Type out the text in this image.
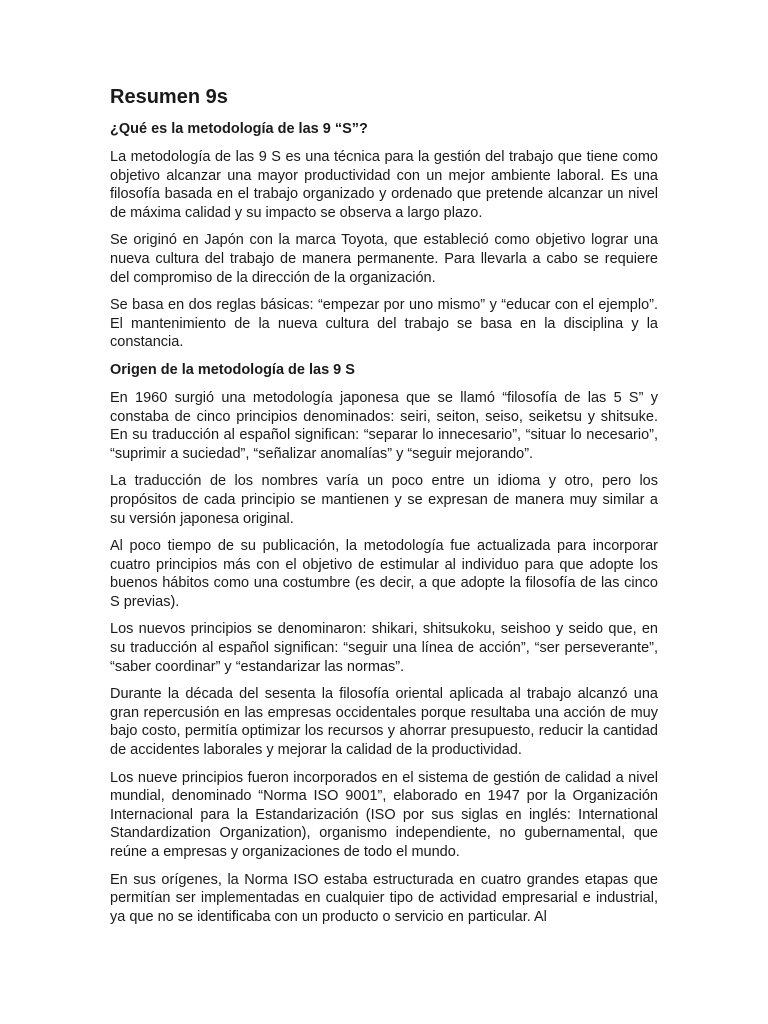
Resumen 9s
¿Qué es la metodología de las 9 “S”?

La metodología de las 9 S es una técnica para la gestión del trabajo que tiene como objetivo alcanzar una mayor productividad con un mejor ambiente laboral. Es una filosofía basada en el trabajo organizado y ordenado que pretende alcanzar un nivel de máxima calidad y su impacto se observa a largo plazo.

Se originó en Japón con la marca Toyota, que estableció como objetivo lograr una nueva cultura del trabajo de manera permanente. Para llevarla a cabo se requiere del compromiso de la dirección de la organización.

Se basa en dos reglas básicas: “empezar por uno mismo” y “educar con el ejemplo”. El mantenimiento de la nueva cultura del trabajo se basa en la disciplina y la constancia.

Origen de la metodología de las 9 S

En 1960 surgió una metodología japonesa que se llamó “filosofía de las 5 S” y constaba de cinco principios denominados: seiri, seiton, seiso, seiketsu y shitsuke. En su traducción al español significan: “separar lo innecesario”, “situar lo necesario”, “suprimir a suciedad”, “señalizar anomalías” y “seguir mejorando”.

La traducción de los nombres varía un poco entre un idioma y otro, pero los propósitos de cada principio se mantienen y se expresan de manera muy similar a su versión japonesa original.

Al poco tiempo de su publicación, la metodología fue actualizada para incorporar cuatro principios más con el objetivo de estimular al individuo para que adopte los buenos hábitos como una costumbre (es decir, a que adopte la filosofía de las cinco S previas).

Los nuevos principios se denominaron: shikari, shitsukoku, seishoo y seido que, en su traducción al español significan: “seguir una línea de acción”, “ser perseverante”, “saber coordinar” y “estandarizar las normas”.

Durante la década del sesenta la filosofía oriental aplicada al trabajo alcanzó una gran repercusión en las empresas occidentales porque resultaba una acción de muy bajo costo, permitía optimizar los recursos y ahorrar presupuesto, reducir la cantidad de accidentes laborales y mejorar la calidad de la productividad.

Los nueve principios fueron incorporados en el sistema de gestión de calidad a nivel mundial, denominado “Norma ISO 9001”, elaborado en 1947 por la Organización Internacional para la Estandarización (ISO por sus siglas en inglés: International Standardization Organization), organismo independiente, no gubernamental, que reúne a empresas y organizaciones de todo el mundo.

En sus orígenes, la Norma ISO estaba estructurada en cuatro grandes etapas que permitían ser implementadas en cualquier tipo de actividad empresarial e industrial, ya que no se identificaba con un producto o servicio en particular. Al
